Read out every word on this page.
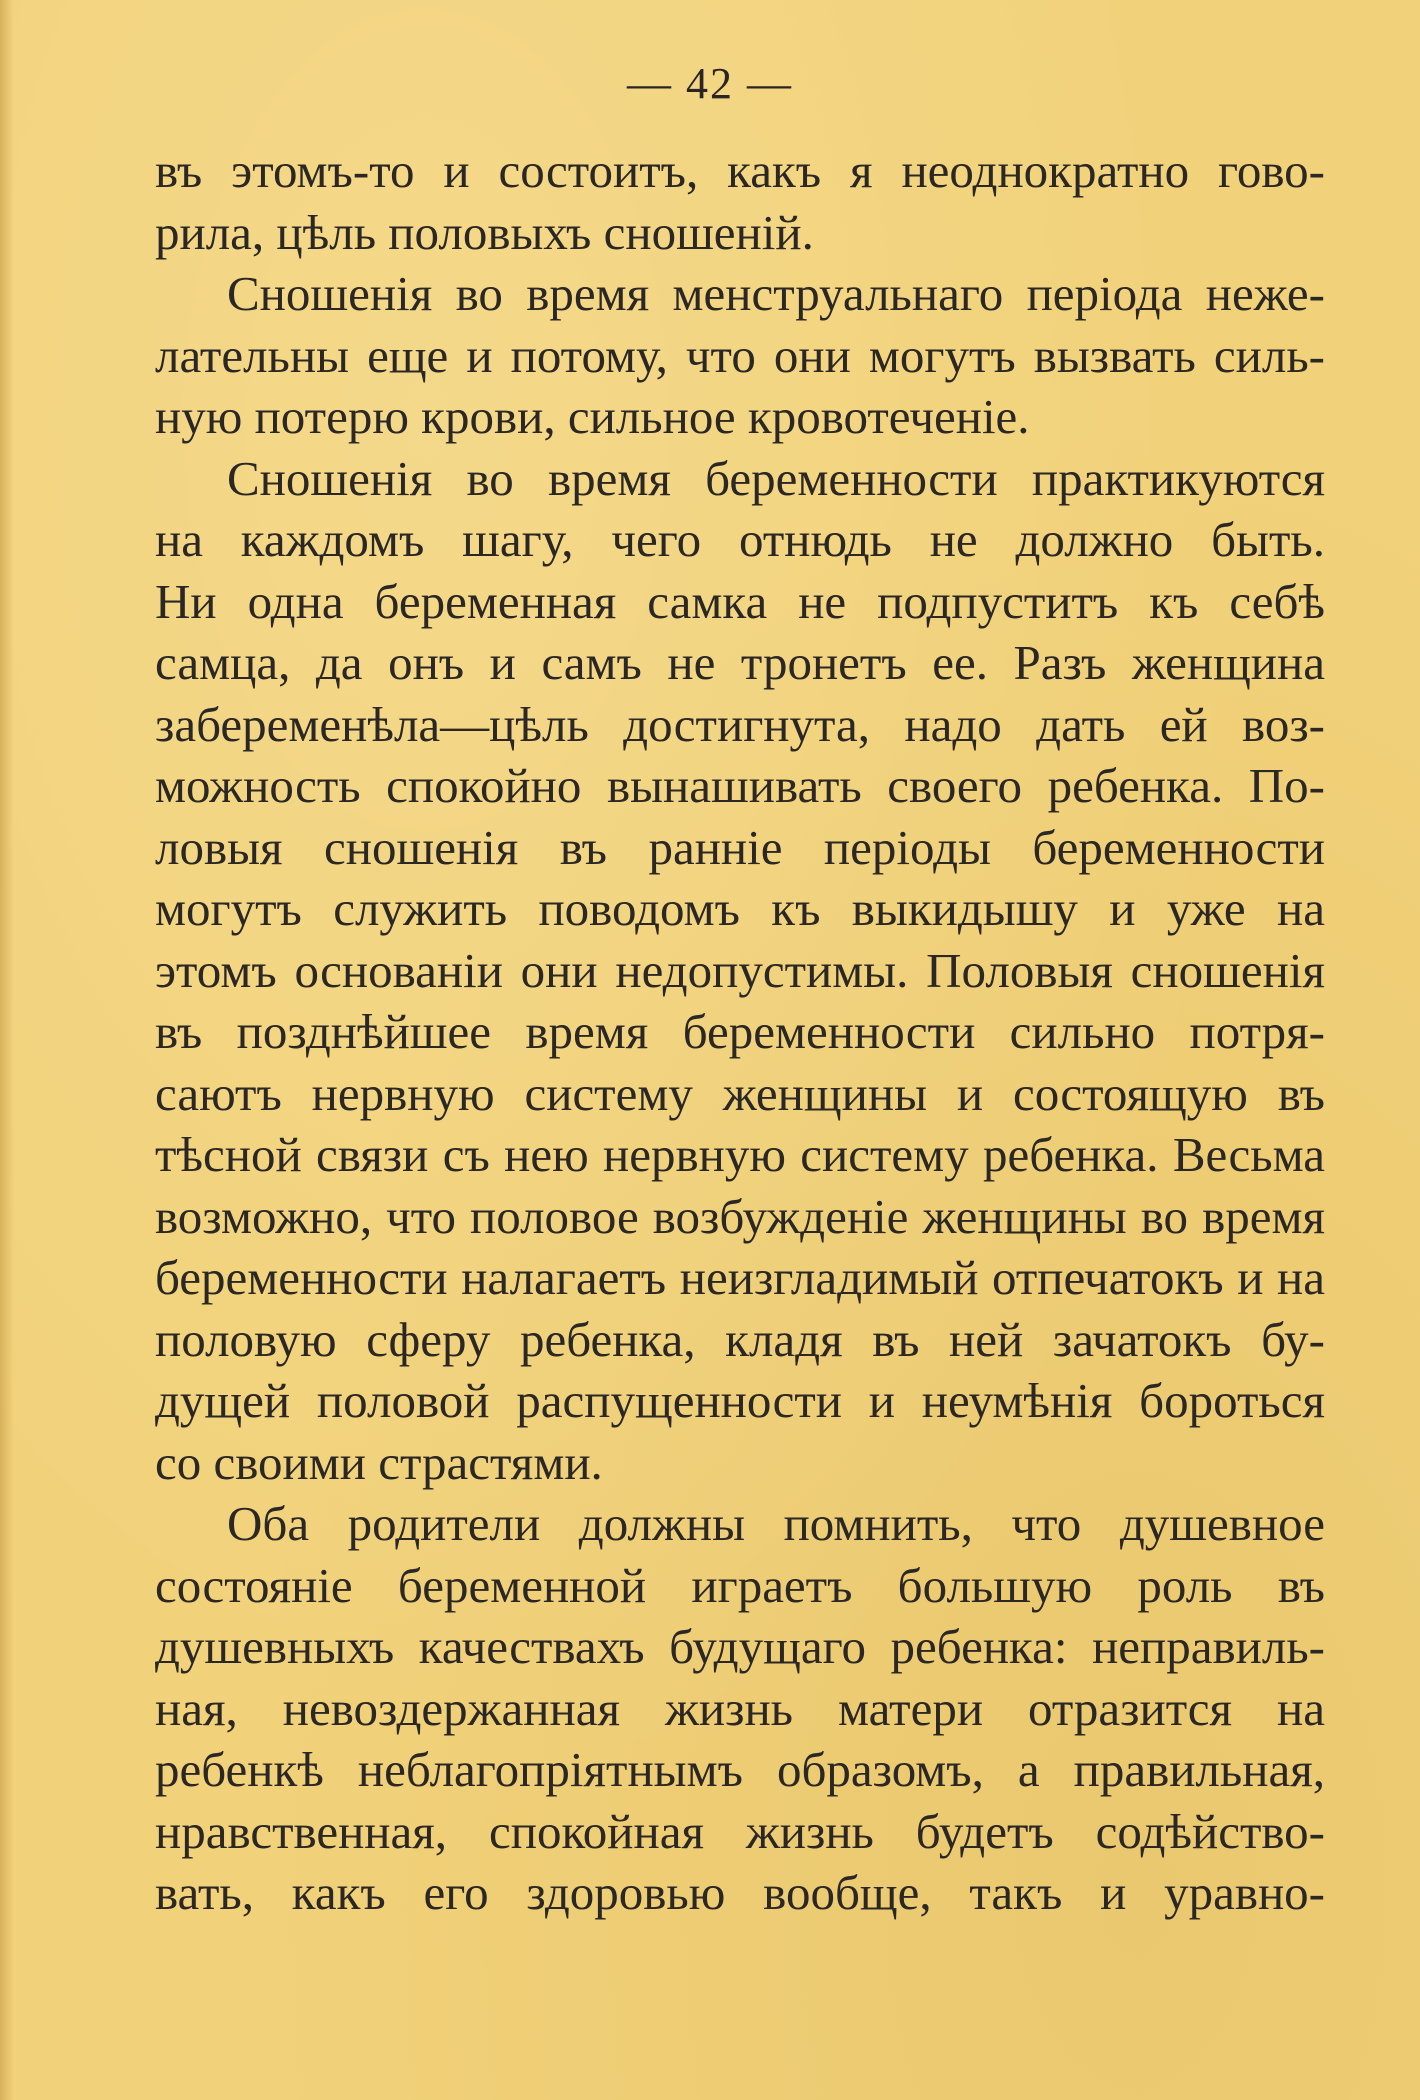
— 42 —
въ этомъ-то и состоитъ, какъ я неоднократно гово-
рила, цѣль половыхъ сношеній.
Сношенія во время менструальнаго періода нeже-
лательны еще и потому, что они могутъ вызвать силь-
ную потерю крови, сильное кровотеченіе.
Сношенія во время беременности практикуются
на каждомъ шагу, чего отнюдь не должно быть.
Ни одна беременная самка не подпуститъ къ себѣ
самца, да онъ и самъ не тронетъ ее. Разъ женщина
забеременѣла—цѣль достигнута, надо дать ей воз-
можность спокойно вынашивать своего ребенка. По-
ловыя сношенія въ ранніе періоды беременности
могутъ служить поводомъ къ выкидышу и уже на
этомъ основаніи они недопустимы. Половыя сношенія
въ позднѣйшее время беременности сильно потря-
саютъ нервную систему женщины и состоящую въ
тѣсной связи съ нею нервную систему ребенка. Весьма
возможно, что половое возбужденіе женщины во время
беременности налагаетъ неизгладимый отпечатокъ и на
половую сферу ребенка, кладя въ ней зачатокъ бу-
дущей половой распущенности и неумѣнія бороться
со своими страстями.
Оба родители должны помнить, что душевное
состояніе беременной играетъ большую роль въ
душевныхъ качествахъ будущаго ребенка: неправиль-
ная, невоздержанная жизнь матери отразится на
ребенкѣ неблагопріятнымъ образомъ, а правильная,
нравственная, спокойная жизнь будетъ содѣйство-
вать, какъ его здоровью вообще, такъ и уравно-
